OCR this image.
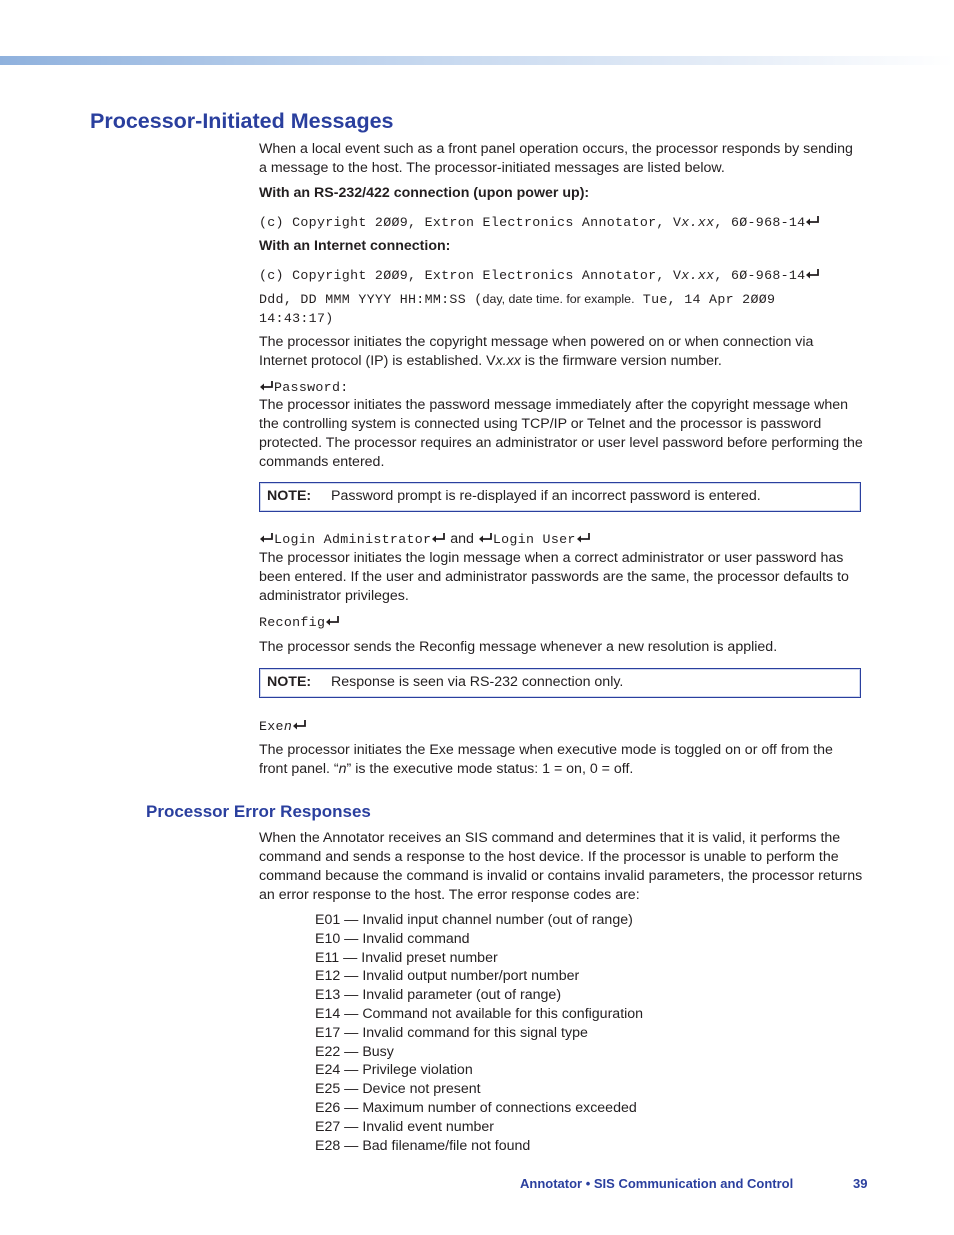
Processor-Initiated Messages

When a local event such as a front panel operation occurs, the processor responds by sending a message to the host. The processor-initiated messages are listed below.

With an RS-232/422 connection (upon power up):

(c) Copyright 2ØØ9, Extron Electronics Annotator, Vx.xx, 6Ø-968-14

With an Internet connection:

(c) Copyright 2ØØ9, Extron Electronics Annotator, Vx.xx, 6Ø-968-14

Ddd, DD MMM YYYY HH:MM:SS (day, date time. for example. Tue, 14 Apr 2ØØ9

14:43:17)

The processor initiates the copyright message when powered on or when connection via Internet protocol (IP) is established. Vx.xx is the firmware version number.

Password:

The processor initiates the password message immediately after the copyright message when the controlling system is connected using TCP/IP or Telnet and the processor is password protected. The processor requires an administrator or user level password before performing the commands entered.

NOTE: Password prompt is re-displayed if an incorrect password is entered.

Login Administrator
and
Login User

The processor initiates the login message when a correct administrator or user password has been entered. If the user and administrator passwords are the same, the processor defaults to administrator privileges.

Reconfig

The processor sends the Reconfig message whenever a new resolution is applied.

NOTE: Response is seen via RS-232 connection only.

Exen

The processor initiates the Exe message when executive mode is toggled on or off from the front panel. “n” is the executive mode status: 1 = on, 0 = off.

Processor Error Responses

When the Annotator receives an SIS command and determines that it is valid, it performs the command and sends a response to the host device. If the processor is unable to perform the command because the command is invalid or contains invalid parameters, the processor returns an error response to the host. The error response codes are:

E01 — Invalid input channel number (out of range)
E10 — Invalid command
E11 — Invalid preset number
E12 — Invalid output number/port number
E13 — Invalid parameter (out of range)
E14 — Command not available for this configuration
E17 — Invalid command for this signal type
E22 — Busy
E24 — Privilege violation
E25 — Device not present
E26 — Maximum number of connections exceeded
E27 — Invalid event number
E28 — Bad filename/file not found
Annotator • SIS Communication and Control	39
